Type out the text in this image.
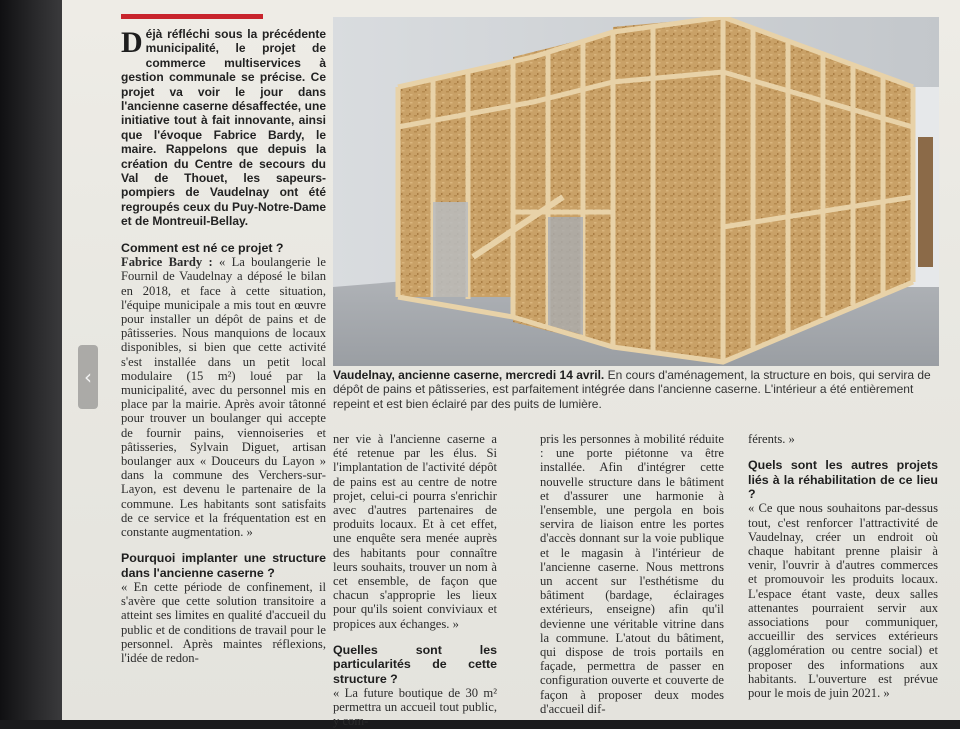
Déjà réfléchi sous la précédente municipalité, le projet de commerce multiservices à gestion communale se précise. Ce projet va voir le jour dans l'ancienne caserne désaffectée, une initiative tout à fait innovante, ainsi que l'évoque Fabrice Bardy, le maire. Rappelons que depuis la création du Centre de secours du Val de Thouet, les sapeurs-pompiers de Vaudelnay ont été regroupés ceux du Puy-Notre-Dame et de Montreuil-Bellay.

Comment est né ce projet ?

Fabrice Bardy : « La boulangerie le Fournil de Vaudelnay a déposé le bilan en 2018, et face à cette situation, l'équipe municipale a mis tout en œuvre pour installer un dépôt de pains et de pâtisseries. Nous manquions de locaux disponibles, si bien que cette activité s'est installée dans un petit local modulaire (15 m²) loué par la municipalité, avec du personnel mis en place par la mairie. Après avoir tâtonné pour trouver un boulanger qui accepte de fournir pains, viennoiseries et pâtisseries, Sylvain Diguet, artisan boulanger aux « Douceurs du Layon » dans la commune des Verchers-sur-Layon, est devenu le partenaire de la commune. Les habitants sont satisfaits de ce service et la fréquentation est en constante augmentation. »

Pourquoi implanter une structure dans l'ancienne caserne ?

« En cette période de confinement, il s'avère que cette solution transitoire a atteint ses limites en qualité d'accueil du public et de conditions de travail pour le personnel. Après maintes réflexions, l'idée de redon-

Vaudelnay, ancienne caserne, mercredi 14 avril. En cours d'aménagement, la structure en bois, qui servira de dépôt de pains et pâtisseries, est parfaitement intégrée dans l'ancienne caserne. L'intérieur a été entièrement repeint et est bien éclairé par des puits de lumière.

ner vie à l'ancienne caserne a été retenue par les élus. Si l'implantation de l'activité dépôt de pains est au centre de notre projet, celui-ci pourra s'enrichir avec d'autres partenaires de produits locaux. Et à cet effet, une enquête sera menée auprès des habitants pour connaître leurs souhaits, trouver un nom à cet ensemble, de façon que chacun s'approprie les lieux pour qu'ils soient conviviaux et propices aux échanges. »

Quelles sont les particularités de cette structure ?

« La future boutique de 30 m² permettra un accueil tout public, y com-

pris les personnes à mobilité réduite : une porte piétonne va être installée. Afin d'intégrer cette nouvelle structure dans le bâtiment et d'assurer une harmonie à l'ensemble, une pergola en bois servira de liaison entre les portes d'accès donnant sur la voie publique et le magasin à l'intérieur de l'ancienne caserne. Nous mettrons un accent sur l'esthétisme du bâtiment (bardage, éclairages extérieurs, enseigne) afin qu'il devienne une véritable vitrine dans la commune. L'atout du bâtiment, qui dispose de trois portails en façade, permettra de passer en configuration ouverte et couverte de façon à proposer deux modes d'accueil dif-

férents. »

Quels sont les autres projets liés à la réhabilitation de ce lieu ?

« Ce que nous souhaitons par-dessus tout, c'est renforcer l'attractivité de Vaudelnay, créer un endroit où chaque habitant prenne plaisir à venir, l'ouvrir à d'autres commerces et promouvoir les produits locaux. L'espace étant vaste, deux salles attenantes pourraient servir aux associations pour communiquer, accueillir des services extérieurs (agglomération ou centre social) et proposer des informations aux habitants. L'ouverture est prévue pour le mois de juin 2021. »

‹
